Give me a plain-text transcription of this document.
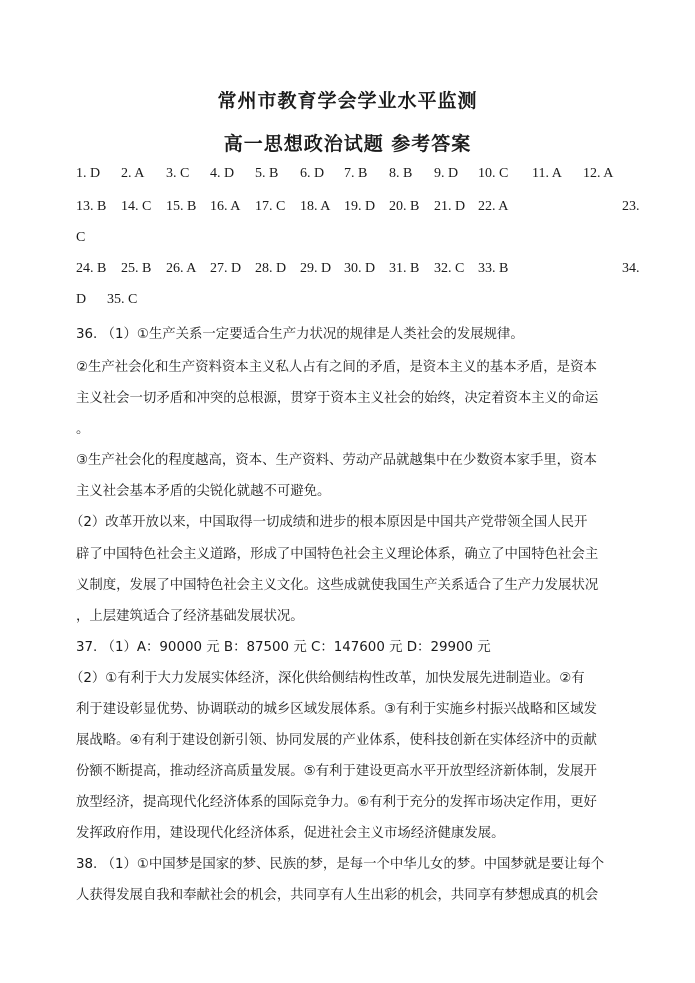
常州市教育学会学业水平监测
高一思想政治试题 参考答案
1. D 2. A 3. C 4. D 5. B 6. D 7. B 8. B 9. D 10. C 11. A 12. A
13. B 14. C 15. B 16. A 17. C 18. A 19. D 20. B 21. D 22. A	23.
C
24. B 25. B 26. A 27. D 28. D 29. D 30. D 31. B 32. C 33. B	34.
D 35. C
36. （1）①生产关系一定要适合生产力状况的规律是人类社会的发展规律。
②生产社会化和生产资料资本主义私人占有之间的矛盾，是资本主义的基本矛盾，是资本
主义社会一切矛盾和冲突的总根源，贯穿于资本主义社会的始终，决定着资本主义的命运
。
③生产社会化的程度越高，资本、生产资料、劳动产品就越集中在少数资本家手里，资本
主义社会基本矛盾的尖锐化就越不可避免。
（2）改革开放以来，中国取得一切成绩和进步的根本原因是中国共产党带领全国人民开
辟了中国特色社会主义道路，形成了中国特色社会主义理论体系，确立了中国特色社会主
义制度，发展了中国特色社会主义文化。这些成就使我国生产关系适合了生产力发展状况
，上层建筑适合了经济基础发展状况。
37. （1）A：90000 元 B：87500 元 C：147600 元 D：29900 元
（2）①有利于大力发展实体经济，深化供给侧结构性改革，加快发展先进制造业。②有
利于建设彰显优势、协调联动的城乡区域发展体系。③有利于实施乡村振兴战略和区域发
展战略。④有利于建设创新引领、协同发展的产业体系，使科技创新在实体经济中的贡献
份额不断提高，推动经济高质量发展。⑤有利于建设更高水平开放型经济新体制，发展开
放型经济，提高现代化经济体系的国际竞争力。⑥有利于充分的发挥市场决定作用，更好
发挥政府作用，建设现代化经济体系，促进社会主义市场经济健康发展。
38. （1）①中国梦是国家的梦、民族的梦，是每一个中华儿女的梦。中国梦就是要让每个
人获得发展自我和奉献社会的机会，共同享有人生出彩的机会，共同享有梦想成真的机会
